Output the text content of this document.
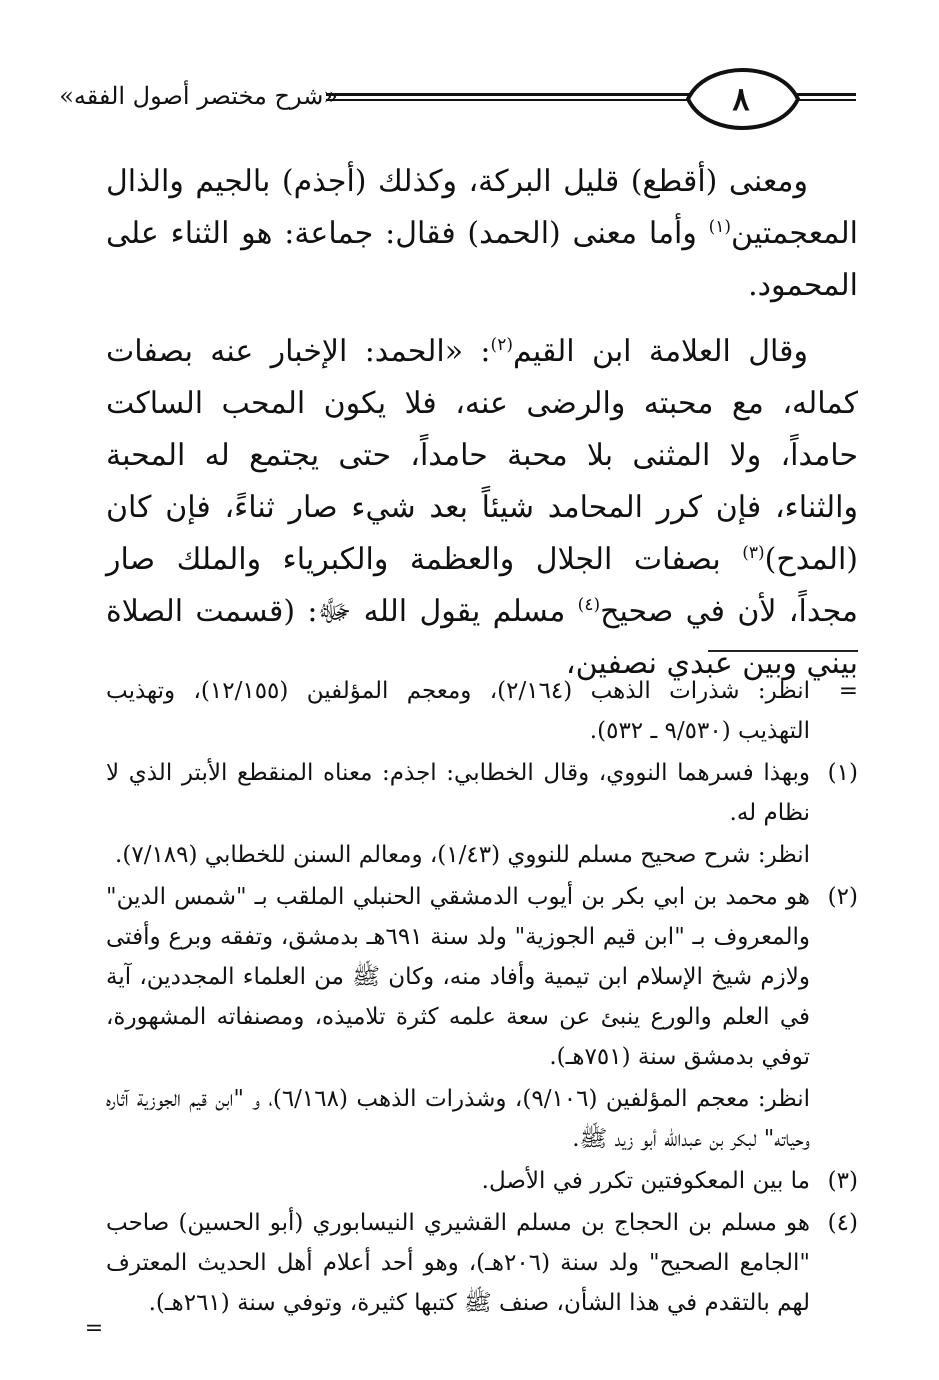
٨
«شرح مختصر أصول الفقه»

ومعنى (أقطع) قليل البركة، وكذلك (أجذم) بالجيم والذال المعجمتين$^{(١)}$ وأما معنى (الحمد) فقال: جماعة: هو الثناء على المحمود.

وقال العلامة ابن القيم$^{(٢)}$: «الحمد: الإخبار عنه بصفات كماله، مع محبته والرضى عنه، فلا يكون المحب الساكت حامداً، ولا المثنى بلا محبة حامداً، حتى يجتمع له المحبة والثناء، فإن كرر المحامد شيئاً بعد شيء صار ثناءً، فإن كان (المدح)$^{(٣)}$ بصفات الجلال والعظمة والكبرياء والملك صار مجداً، لأن في صحيح$^{(٤)}$ مسلم يقول الله ﷻ: (قسمت الصلاة بيني وبين عبدي نصفين،

=
انظر: شذرات الذهب (٢/١٦٤)، ومعجم المؤلفين (١٢/١٥٥)، وتهذيب التهذيب (٩/٥٣٠ ـ ٥٣٢).
(١)
وبهذا فسرهما النووي، وقال الخطابي: اجذم: معناه المنقطع الأبتر الذي لا نظام له.
انظر: شرح صحيح مسلم للنووي (١/٤٣)، ومعالم السنن للخطابي (٧/١٨٩).
(٢)
هو محمد بن ابي بكر بن أيوب الدمشقي الحنبلي الملقب بـ "شمس الدين" والمعروف بـ "ابن قيم الجوزية" ولد سنة ٦٩١هـ بدمشق، وتفقه وبرع وأفتى ولازم شيخ الإسلام ابن تيمية وأفاد منه، وكان ﷺ من العلماء المجددين، آية في العلم والورع ينبئ عن سعة علمه كثرة تلاميذه، ومصنفاته المشهورة، توفي بدمشق سنة (٧٥١هـ).
انظر: معجم المؤلفين (٩/١٠٦)، وشذرات الذهب (٦/١٦٨)، و "ابن قيم الجوزية آثاره وحياته" لبكر بن عبدالله أبو زيد ﷺ.
(٣)
ما بين المعكوفتين تكرر في الأصل.
(٤)
هو مسلم بن الحجاج بن مسلم القشيري النيسابوري (أبو الحسين) صاحب "الجامع الصحيح" ولد سنة (٢٠٦هـ)، وهو أحد أعلام أهل الحديث المعترف لهم بالتقدم في هذا الشأن، صنف ﷺ كتبها كثيرة، وتوفي سنة (٢٦١هـ).
=
